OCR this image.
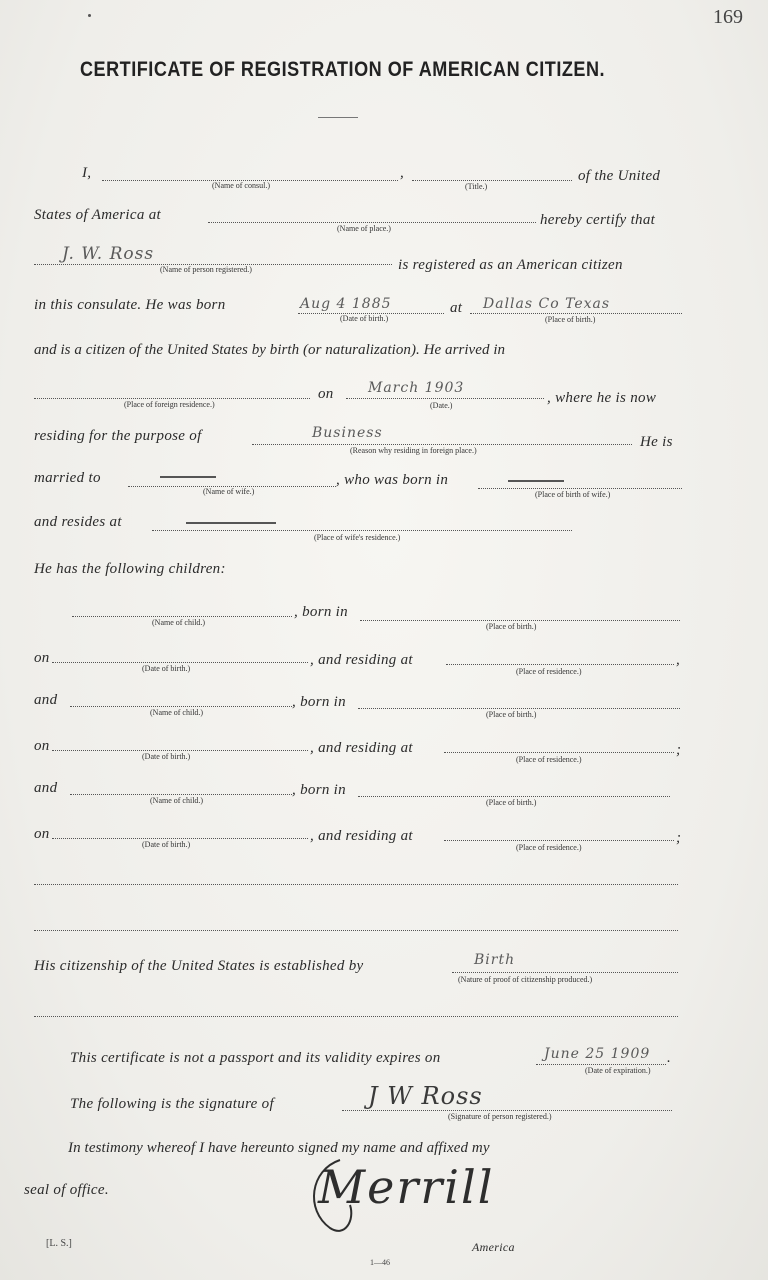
169
CERTIFICATE OF REGISTRATION OF AMERICAN CITIZEN.
I,
(Name of consul.)
,
(Title.)
of the United
States of America at
(Name of place.)
hereby certify that
J. W. Ross
(Name of person registered.)	is registered as an American citizen
in this consulate. He was born	Aug 4 1885
(Date of birth.)
at Dallas Co Texas
(Place of birth.)
and is a citizen of the United States by birth (or naturalization). He arrived in
(Place of foreign residence.)
on March 1903
(Date.)	, where he is now
residing for the purpose of	Business
(Reason why residing in foreign place.)
He is
married to
(Name of wife.)
, who was born in
(Place of birth of wife.)
and resides at
(Place of wife's residence.)
He has the following children:
(Name of child.)
, born in
(Place of birth.)
on
(Date of birth.)
, and residing at
(Place of residence.)
,
and
(Name of child.)
, born in
(Place of birth.)
on
(Date of birth.)
, and residing at
(Place of residence.)
;
and
(Name of child.)
, born in
(Place of birth.)
on
(Date of birth.)
, and residing at
(Place of residence.)
;
His citizenship of the United States is established by	Birth
(Nature of proof of citizenship produced.)
This certificate is not a passport and its validity expires on	June 25 1909
(Date of expiration.)
.
The following is the signature of	J W Ross
(Signature of person registered.)
In testimony whereof I have hereunto signed my name and affixed my
seal of office.	Merrill
[L. S.]	America
1—46
